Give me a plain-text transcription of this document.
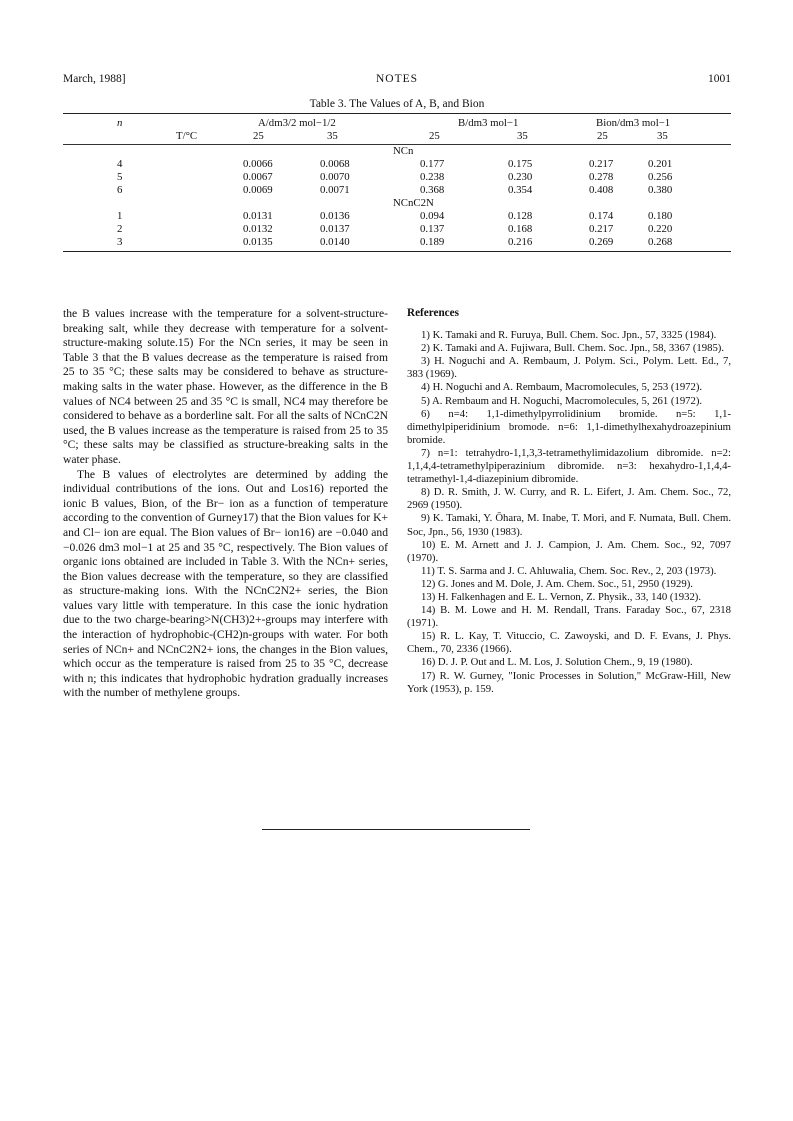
March, 1988]	NOTES	1001
Table 3. The Values of A, B, and Bion
n	A/dm3/2 mol−1/2	B/dm3 mol−1	Bion/dm3 mol−1
T/°C	25	35	25	35	25	35
NCn
4	0.0066	0.0068	0.177	0.175	0.217	0.201
5	0.0067	0.0070	0.238	0.230	0.278	0.256
6	0.0069	0.0071	0.368	0.354	0.408	0.380
NCnC2N
1	0.0131	0.0136	0.094	0.128	0.174	0.180
2	0.0132	0.0137	0.137	0.168	0.217	0.220
3	0.0135	0.0140	0.189	0.216	0.269	0.268

the B values increase with the temperature for a solvent-structure-breaking salt, while they decrease with temperature for a solvent-structure-making solute.15) For the NCn series, it may be seen in Table 3 that the B values decrease as the temperature is raised from 25 to 35 °C; these salts may be considered to behave as structure-making salts in the water phase. However, as the difference in the B values of NC4 between 25 and 35 °C is small, NC4 may therefore be considered to behave as a borderline salt. For all the salts of NCnC2N used, the B values increase as the temperature is raised from 25 to 35 °C; these salts may be classified as structure-breaking salts in the water phase.

The B values of electrolytes are determined by adding the individual contributions of the ions. Out and Los16) reported the ionic B values, Bion, of the Br− ion as a function of temperature according to the convention of Gurney17) that the Bion values for K+ and Cl− ion are equal. The Bion values of Br− ion16) are −0.040 and −0.026 dm3 mol−1 at 25 and 35 °C, respectively. The Bion values of organic ions obtained are included in Table 3. With the NCn+ series, the Bion values decrease with the temperature, so they are classified as structure-making ions. With the NCnC2N2+ series, the Bion values vary little with temperature. In this case the ionic hydration due to the two charge-bearing>N(CH3)2+-groups may interfere with the interaction of hydrophobic-(CH2)n-groups with water. For both series of NCn+ and NCnC2N2+ ions, the changes in the Bion values, which occur as the temperature is raised from 25 to 35 °C, decrease with n; this indicates that hydrophobic hydration gradually increases with the number of methylene groups.

References

1) K. Tamaki and R. Furuya, Bull. Chem. Soc. Jpn., 57, 3325 (1984).

2) K. Tamaki and A. Fujiwara, Bull. Chem. Soc. Jpn., 58, 3367 (1985).

3) H. Noguchi and A. Rembaum, J. Polym. Sci., Polym. Lett. Ed., 7, 383 (1969).

4) H. Noguchi and A. Rembaum, Macromolecules, 5, 253 (1972).

5) A. Rembaum and H. Noguchi, Macromolecules, 5, 261 (1972).

6) n=4: 1,1-dimethylpyrrolidinium bromide. n=5: 1,1-dimethylpiperidinium bromode. n=6: 1,1-dimethylhexahydroazepinium bromide.

7) n=1: tetrahydro-1,1,3,3-tetramethylimidazolium dibromide. n=2: 1,1,4,4-tetramethylpiperazinium dibromide. n=3: hexahydro-1,1,4,4-tetramethyl-1,4-diazepinium dibromide.

8) D. R. Smith, J. W. Curry, and R. L. Eifert, J. Am. Chem. Soc., 72, 2969 (1950).

9) K. Tamaki, Y. Ōhara, M. Inabe, T. Mori, and F. Numata, Bull. Chem. Soc, Jpn., 56, 1930 (1983).

10) E. M. Arnett and J. J. Campion, J. Am. Chem. Soc., 92, 7097 (1970).

11) T. S. Sarma and J. C. Ahluwalia, Chem. Soc. Rev., 2, 203 (1973).

12) G. Jones and M. Dole, J. Am. Chem. Soc., 51, 2950 (1929).

13) H. Falkenhagen and E. L. Vernon, Z. Physik., 33, 140 (1932).

14) B. M. Lowe and H. M. Rendall, Trans. Faraday Soc., 67, 2318 (1971).

15) R. L. Kay, T. Vituccio, C. Zawoyski, and D. F. Evans, J. Phys. Chem., 70, 2336 (1966).

16) D. J. P. Out and L. M. Los, J. Solution Chem., 9, 19 (1980).

17) R. W. Gurney, "Ionic Processes in Solution," McGraw-Hill, New York (1953), p. 159.
